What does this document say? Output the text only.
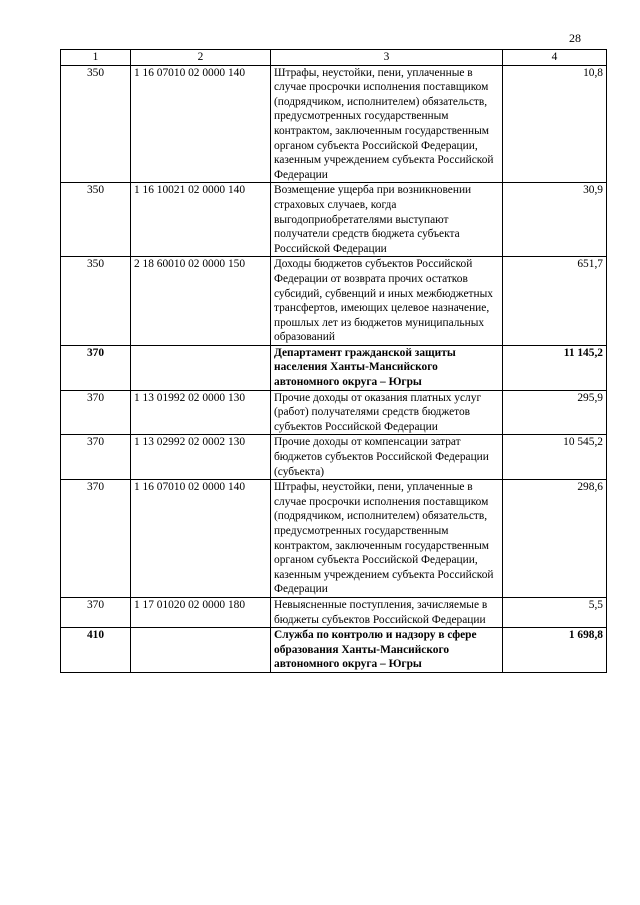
28
1	2	3	4
350	1 16 07010 02 0000 140	Штрафы, неустойки, пени, уплаченные в случае просрочки исполнения поставщиком (подрядчиком, исполнителем) обязательств, предусмотренных государственным контрактом, заключенным государственным органом субъекта Российской Федерации, казенным учреждением субъекта Российской Федерации	10,8
350	1 16 10021 02 0000 140	Возмещение ущерба при возникновении страховых случаев, когда выгодоприобретателями выступают получатели средств бюджета субъекта Российской Федерации	30,9
350	2 18 60010 02 0000 150	Доходы бюджетов субъектов Российской Федерации от возврата прочих остатков субсидий, субвенций и иных межбюджетных трансфертов, имеющих целевое назначение, прошлых лет из бюджетов муниципальных образований	651,7
370		Департамент гражданской защиты населения Ханты-Мансийского автономного округа – Югры	11 145,2
370	1 13 01992 02 0000 130	Прочие доходы от оказания платных услуг (работ) получателями средств бюджетов субъектов Российской Федерации	295,9
370	1 13 02992 02 0002 130	Прочие доходы от компенсации затрат бюджетов субъектов Российской Федерации (субъекта)	10 545,2
370	1 16 07010 02 0000 140	Штрафы, неустойки, пени, уплаченные в случае просрочки исполнения поставщиком (подрядчиком, исполнителем) обязательств, предусмотренных государственным контрактом, заключенным государственным органом субъекта Российской Федерации, казенным учреждением субъекта Российской Федерации	298,6
370	1 17 01020 02 0000 180	Невыясненные поступления, зачисляемые в бюджеты субъектов Российской Федерации	5,5
410		Служба по контролю и надзору в сфере образования Ханты-Мансийского автономного округа – Югры	1 698,8
